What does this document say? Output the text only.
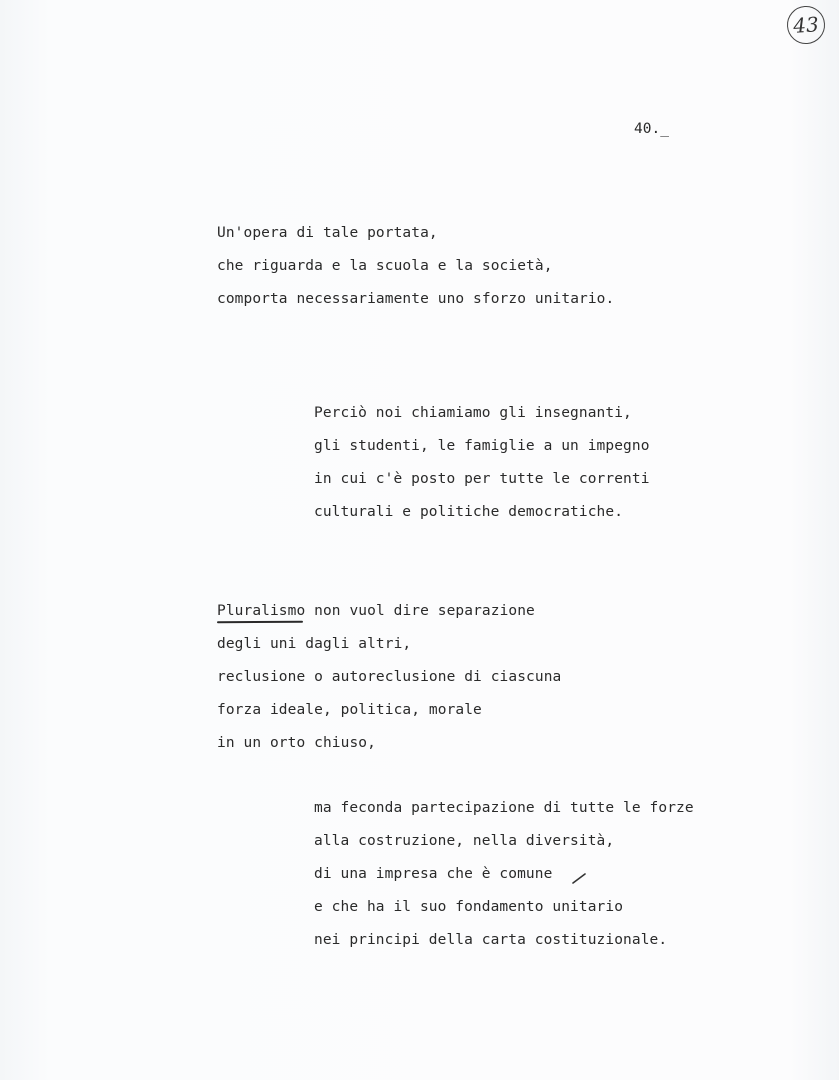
43
40._
Un'opera di tale portata,
che riguarda e la scuola e la società,
comporta necessariamente uno sforzo unitario.
Perciò noi chiamiamo gli insegnanti,
gli studenti, le famiglie a un impegno
in cui c'è posto per tutte le correnti
culturali e politiche democratiche.
Pluralismo non vuol dire separazione
degli uni dagli altri,
reclusione o autoreclusione di ciascuna
forza ideale, politica, morale
in un orto chiuso,
ma feconda partecipazione di tutte le forze
alla costruzione, nella diversità,
di una impresa che è comune
e che ha il suo fondamento unitario
nei principi della carta costituzionale.
